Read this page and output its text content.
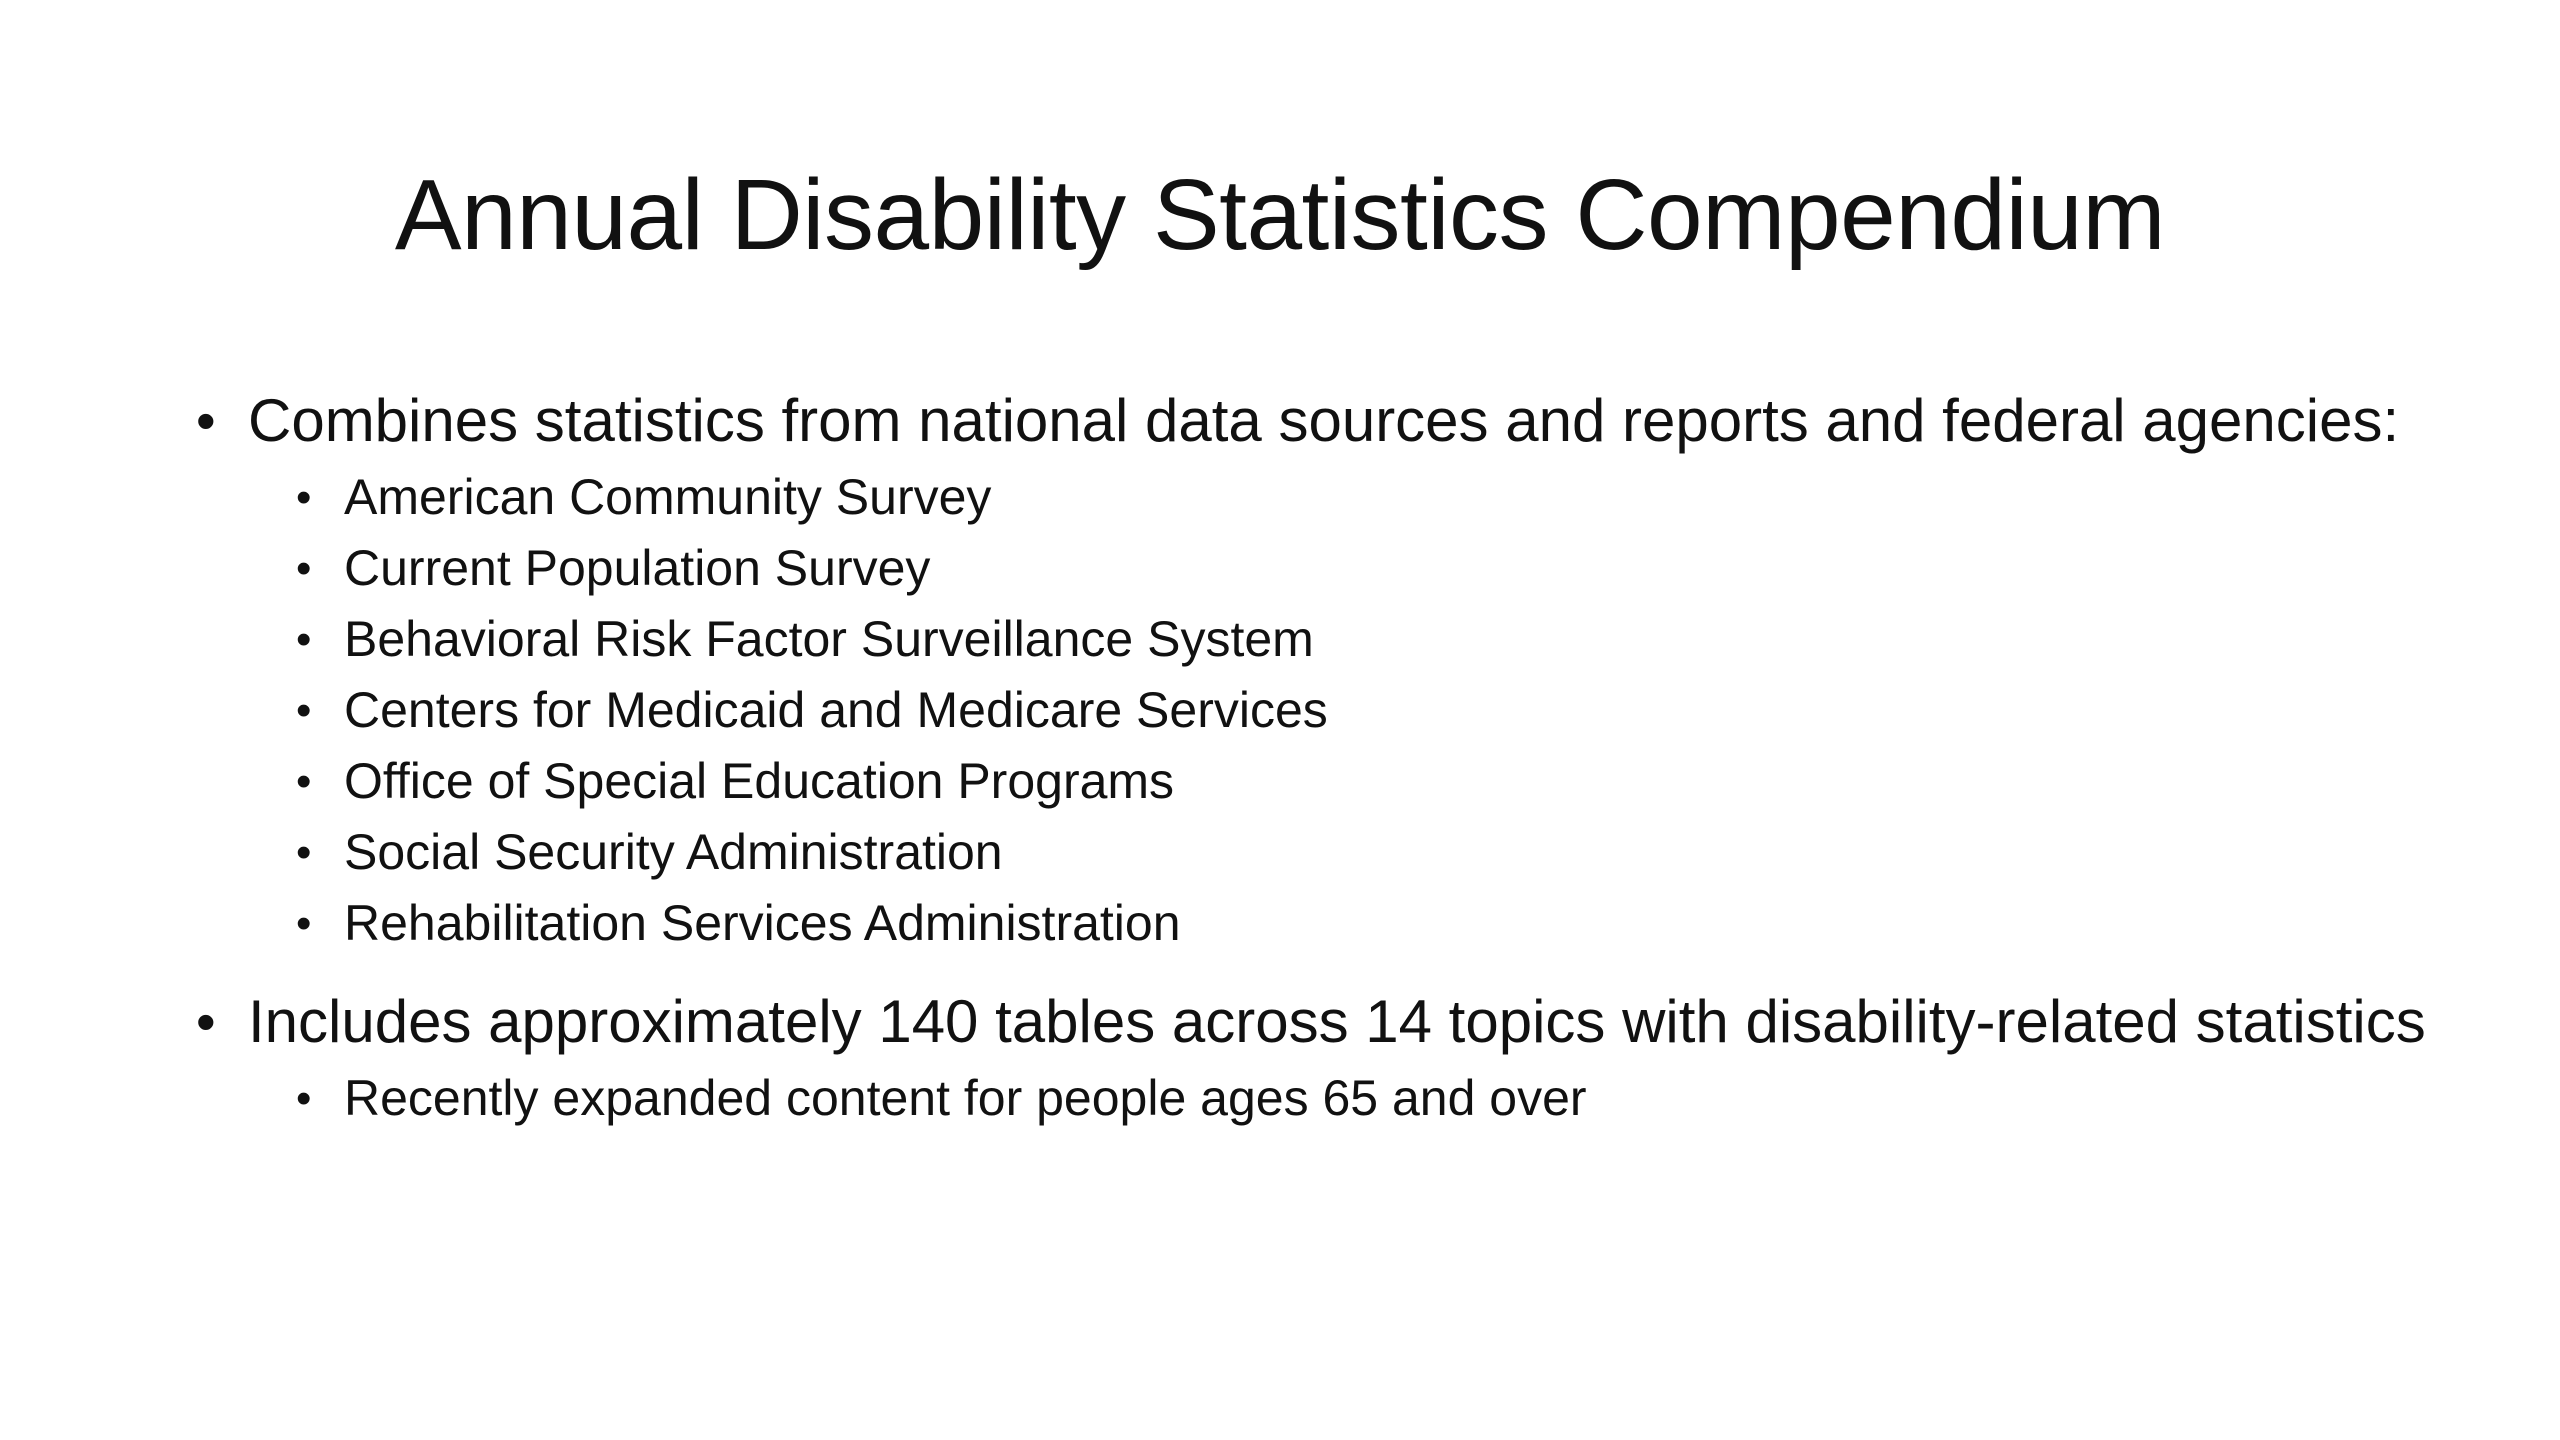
Annual Disability Statistics Compendium
• Combines statistics from national data sources and reports and federal agencies:
• American Community Survey
• Current Population Survey
• Behavioral Risk Factor Surveillance System
• Centers for Medicaid and Medicare Services
• Office of Special Education Programs
• Social Security Administration
• Rehabilitation Services Administration
• Includes approximately 140 tables across 14 topics with disability-related statistics
• Recently expanded content for people ages 65 and over
